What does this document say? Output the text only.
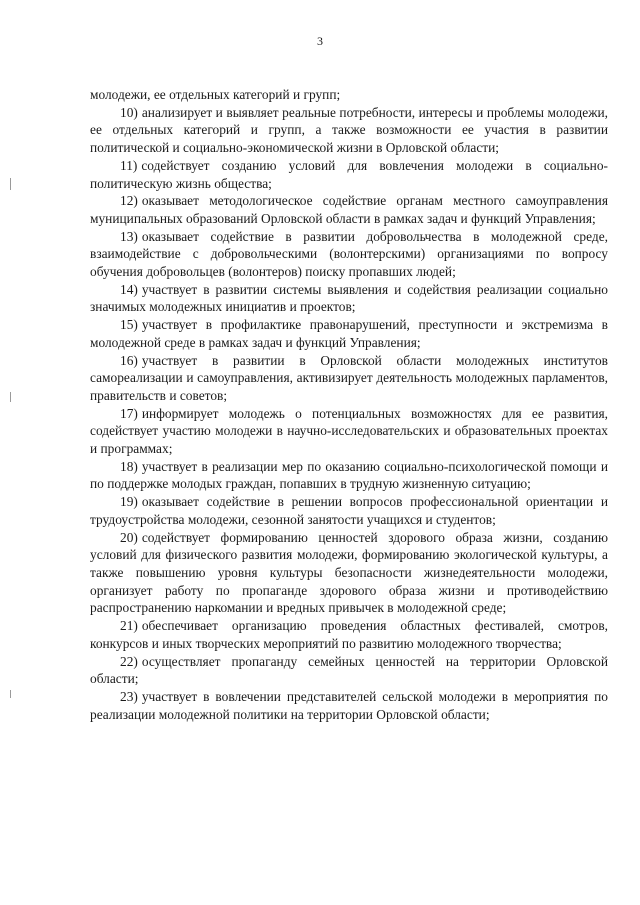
3

молодежи, ее отдельных категорий и групп;

10) анализирует и выявляет реальные потребности, интересы и проблемы молодежи, ее отдельных категорий и групп, а также возможности ее участия в развитии политической и социально-экономической жизни в Орловской области;

11) содействует созданию условий для вовлечения молодежи в социально-политическую жизнь общества;

12) оказывает методологическое содействие органам местного самоуправления муниципальных образований Орловской области в рамках задач и функций Управления;

13) оказывает содействие в развитии добровольчества в молодежной среде, взаимодействие с добровольческими (волонтерскими) организациями по вопросу обучения добровольцев (волонтеров) поиску пропавших людей;

14) участвует в развитии системы выявления и содействия реализации социально значимых молодежных инициатив и проектов;

15) участвует в профилактике правонарушений, преступности и экстремизма в молодежной среде в рамках задач и функций Управления;

16) участвует в развитии в Орловской области молодежных институтов самореализации и самоуправления, активизирует деятельность молодежных парламентов, правительств и советов;

17) информирует молодежь о потенциальных возможностях для ее развития, содействует участию молодежи в научно-исследовательских и образовательных проектах и программах;

18) участвует в реализации мер по оказанию социально-психологической помощи и по поддержке молодых граждан, попавших в трудную жизненную ситуацию;

19) оказывает содействие в решении вопросов профессиональной ориентации и трудоустройства молодежи, сезонной занятости учащихся и студентов;

20) содействует формированию ценностей здорового образа жизни, созданию условий для физического развития молодежи, формированию экологической культуры, а также повышению уровня культуры безопасности жизнедеятельности молодежи, организует работу по пропаганде здорового образа жизни и противодействию распространению наркомании и вредных привычек в молодежной среде;

21) обеспечивает организацию проведения областных фестивалей, смотров, конкурсов и иных творческих мероприятий по развитию молодежного творчества;

22) осуществляет пропаганду семейных ценностей на территории Орловской области;

23) участвует в вовлечении представителей сельской молодежи в мероприятия по реализации молодежной политики на территории Орловской области;
